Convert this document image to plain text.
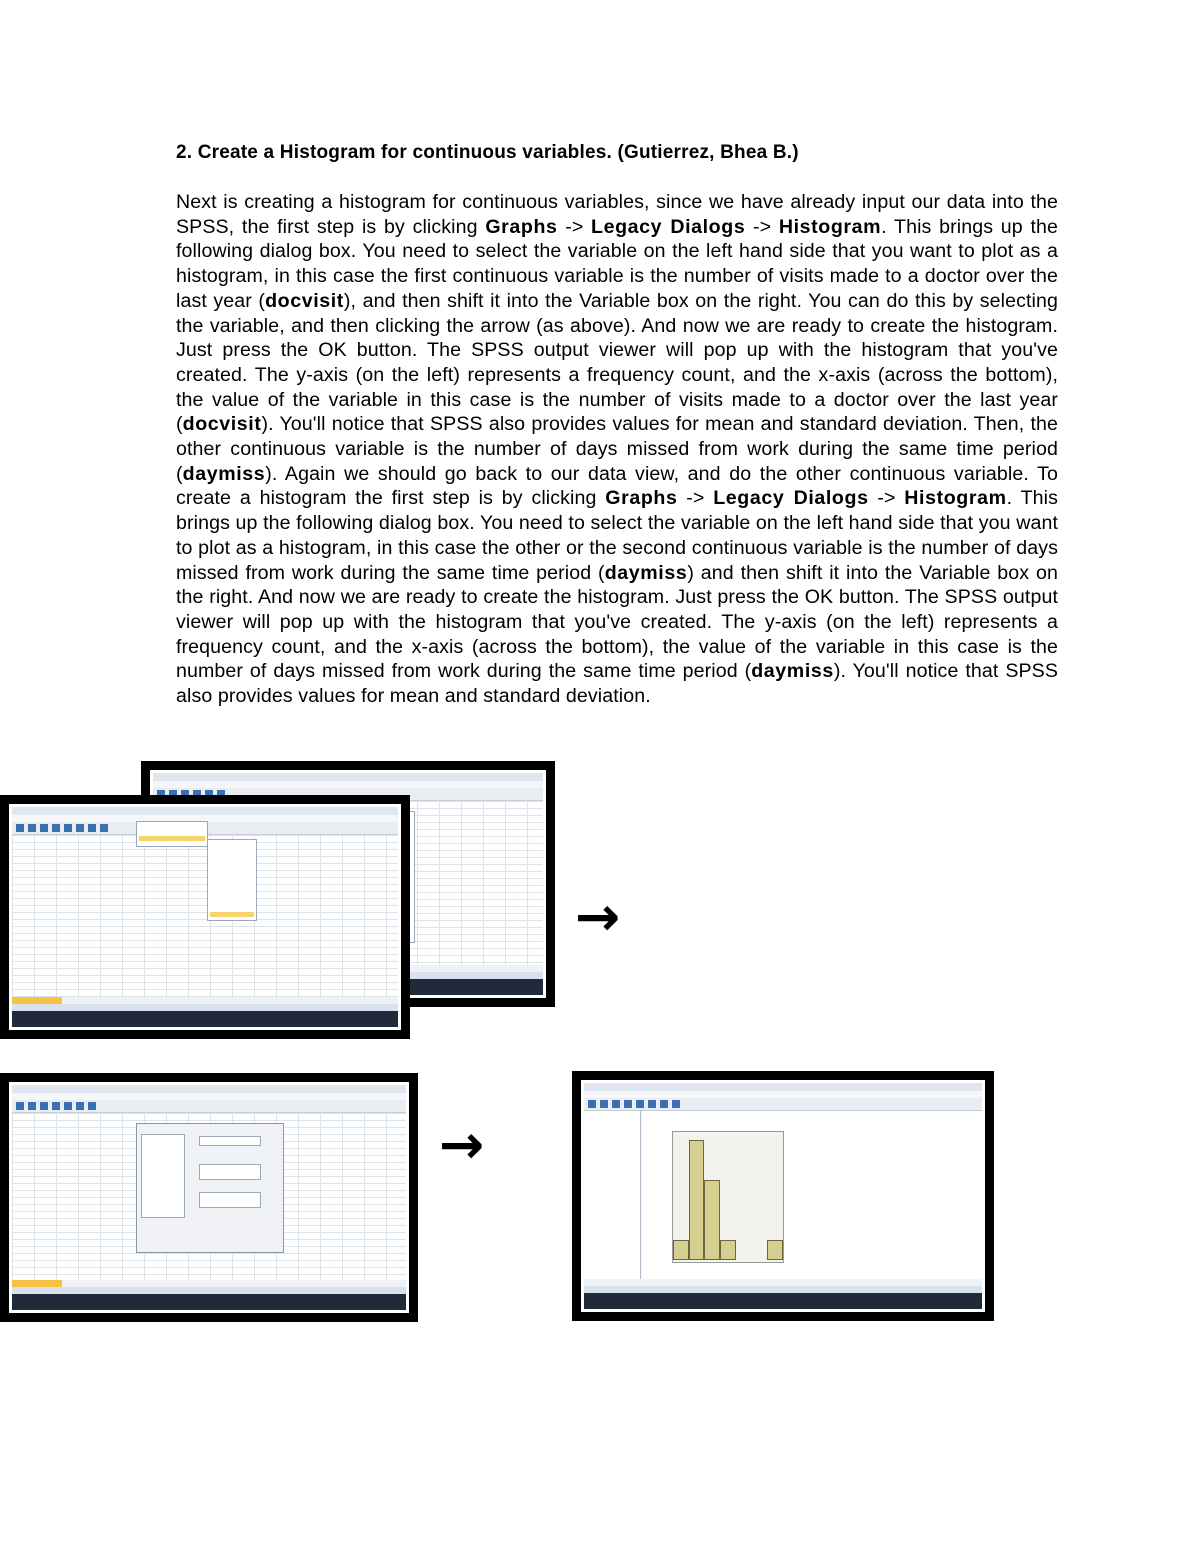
2. Create a Histogram for continuous variables. (Gutierrez, Bhea B.)
Next is creating a histogram for continuous variables, since we have already input our data into the SPSS, the first step is by clicking Graphs -> Legacy Dialogs -> Histogram. This brings up the following dialog box. You need to select the variable on the left hand side that you want to plot as a histogram, in this case the first continuous variable is the number of visits made to a doctor over the last year (docvisit), and then shift it into the Variable box on the right. You can do this by selecting the variable, and then clicking the arrow (as above). And now we are ready to create the histogram. Just press the OK button. The SPSS output viewer will pop up with the histogram that you've created. The y-axis (on the left) represents a frequency count, and the x-axis (across the bottom), the value of the variable in this case is the number of visits made to a doctor over the last year (docvisit). You'll notice that SPSS also provides values for mean and standard deviation. Then, the other continuous variable is the number of days missed from work during the same time period (daymiss). Again we should go back to our data view, and do the other continuous variable. To create a histogram the first step is by clicking Graphs -> Legacy Dialogs -> Histogram. This brings up the following dialog box. You need to select the variable on the left hand side that you want to plot as a histogram, in this case the other or the second continuous variable is the number of days missed from work during the same time period (daymiss) and then shift it into the Variable box on the right. And now we are ready to create the histogram. Just press the OK button. The SPSS output viewer will pop up with the histogram that you've created. The y-axis (on the left) represents a frequency count, and the x-axis (across the bottom), the value of the variable in this case is the number of days missed from work during the same time period (daymiss). You'll notice that SPSS also provides values for mean and standard deviation.
→
→
